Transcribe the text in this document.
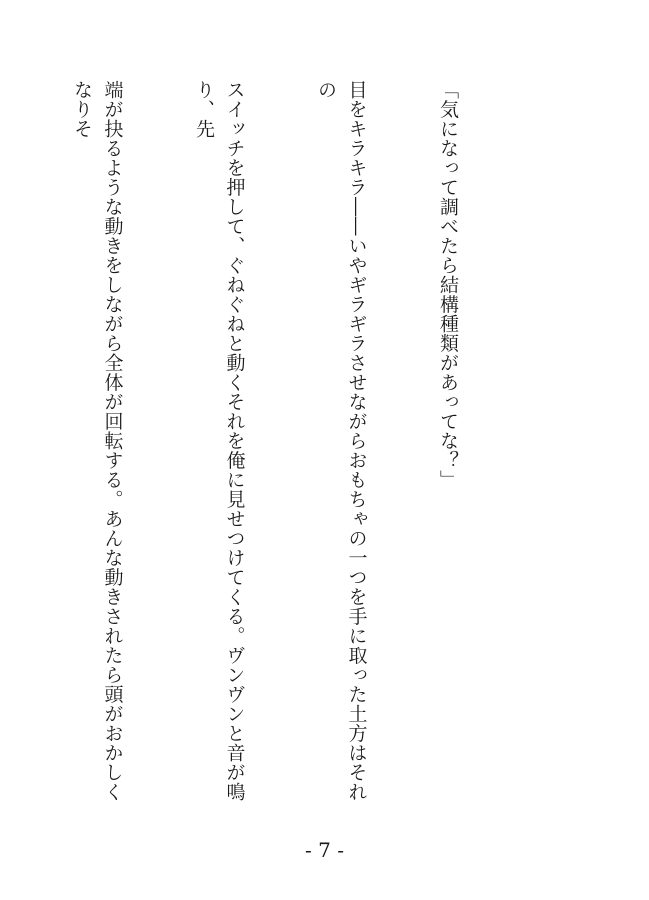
「気になって調べたら結構種類があってな？」

目をキラキラ――いやギラギラさせながらおもちゃの一つを手に取った土方はそれの

スイッチを押して、ぐねぐねと動くそれを俺に見せつけてくる。ヴンヴンと音が鳴り、先

端が抉るような動きをしながら全体が回転する。あんな動きされたら頭がおかしくなりそ

- 7 -
